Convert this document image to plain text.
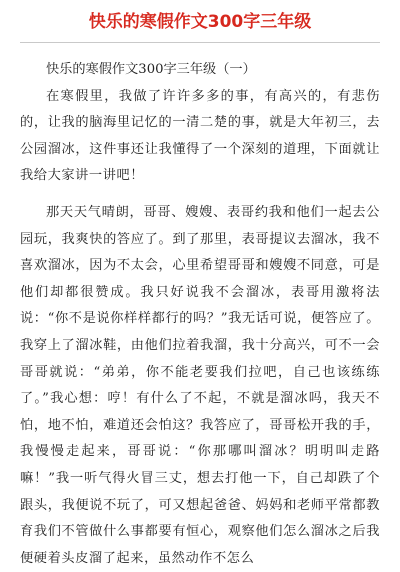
快乐的寒假作文300字三年级

快乐的寒假作文300字三年级（一）

在寒假里，我做了许许多多的事，有高兴的，有悲伤的，让我的脑海里记忆的一清二楚的事，就是大年初三，去公园溜冰，这件事还让我懂得了一个深刻的道理，下面就让我给大家讲一讲吧！

那天天气晴朗，哥哥、嫂嫂、表哥约我和他们一起去公园玩，我爽快的答应了。到了那里，表哥提议去溜冰，我不喜欢溜冰，因为不太会，心里希望哥哥和嫂嫂不同意，可是他们却都很赞成。我只好说我不会溜冰，表哥用激将法说：“你不是说你样样都行的吗？”我无话可说，便答应了。我穿上了溜冰鞋，由他们拉着我溜，我十分高兴，可不一会哥哥就说：“弟弟，你不能老要我们拉吧，自己也该练练了。”我心想：哼！有什么了不起，不就是溜冰吗，我天不怕，地不怕，难道还会怕这？我答应了，哥哥松开我的手，我慢慢走起来，哥哥说：“你那哪叫溜冰？明明叫走路嘛！”我一听气得火冒三丈，想去打他一下，自己却跌了个跟头，我便说不玩了，可又想起爸爸、妈妈和老师平常都教育我们不管做什么事都要有恒心，观察他们怎么溜冰之后我便硬着头皮溜了起来，虽然动作不怎么
